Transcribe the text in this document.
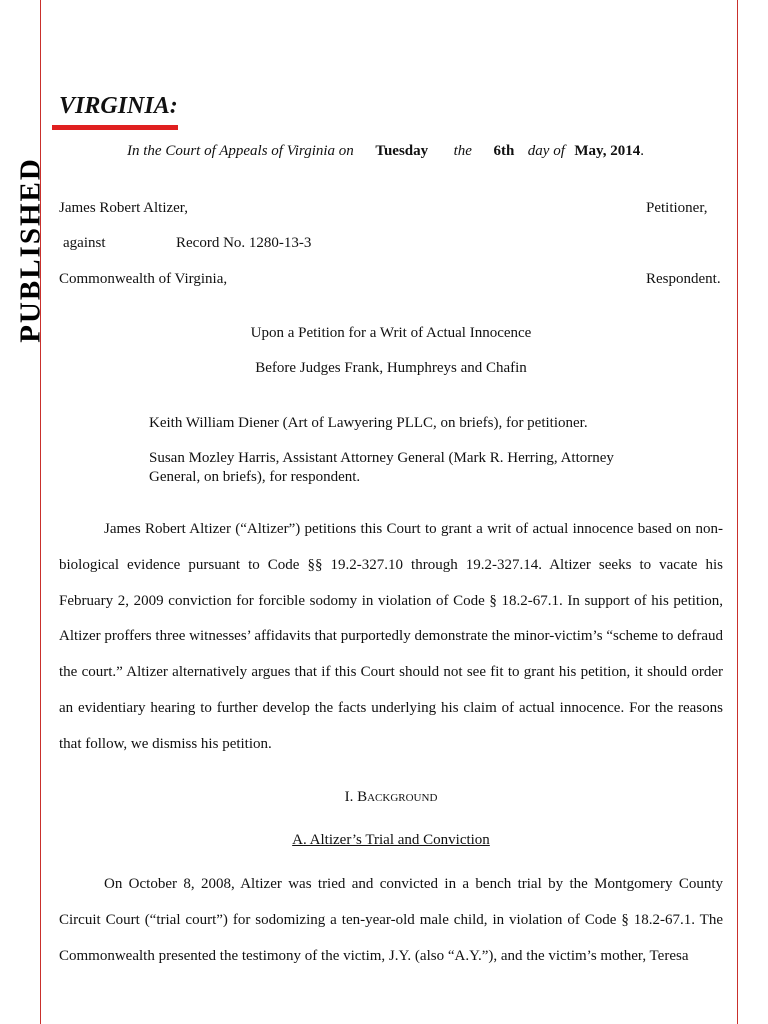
PUBLISHED
VIRGINIA:
In the Court of Appeals of Virginia on Tuesday the 6th day of May, 2014.
James Robert Altizer,	Petitioner,
against	Record No. 1280-13-3
Commonwealth of Virginia,	Respondent.
Upon a Petition for a Writ of Actual Innocence
Before Judges Frank, Humphreys and Chafin
Keith William Diener (Art of Lawyering PLLC, on briefs), for petitioner.
Susan Mozley Harris, Assistant Attorney General (Mark R. Herring, Attorney General, on briefs), for respondent.
James Robert Altizer (“Altizer”) petitions this Court to grant a writ of actual innocence based on non-biological evidence pursuant to Code §§ 19.2-327.10 through 19.2-327.14. Altizer seeks to vacate his February 2, 2009 conviction for forcible sodomy in violation of Code § 18.2-67.1. In support of his petition, Altizer proffers three witnesses’ affidavits that purportedly demonstrate the minor-victim’s “scheme to defraud the court.” Altizer alternatively argues that if this Court should not see fit to grant his petition, it should order an evidentiary hearing to further develop the facts underlying his claim of actual innocence. For the reasons that follow, we dismiss his petition.
I. Background
A. Altizer’s Trial and Conviction
On October 8, 2008, Altizer was tried and convicted in a bench trial by the Montgomery County Circuit Court (“trial court”) for sodomizing a ten-year-old male child, in violation of Code § 18.2-67.1. The Commonwealth presented the testimony of the victim, J.Y. (also “A.Y.”), and the victim’s mother, Teresa
